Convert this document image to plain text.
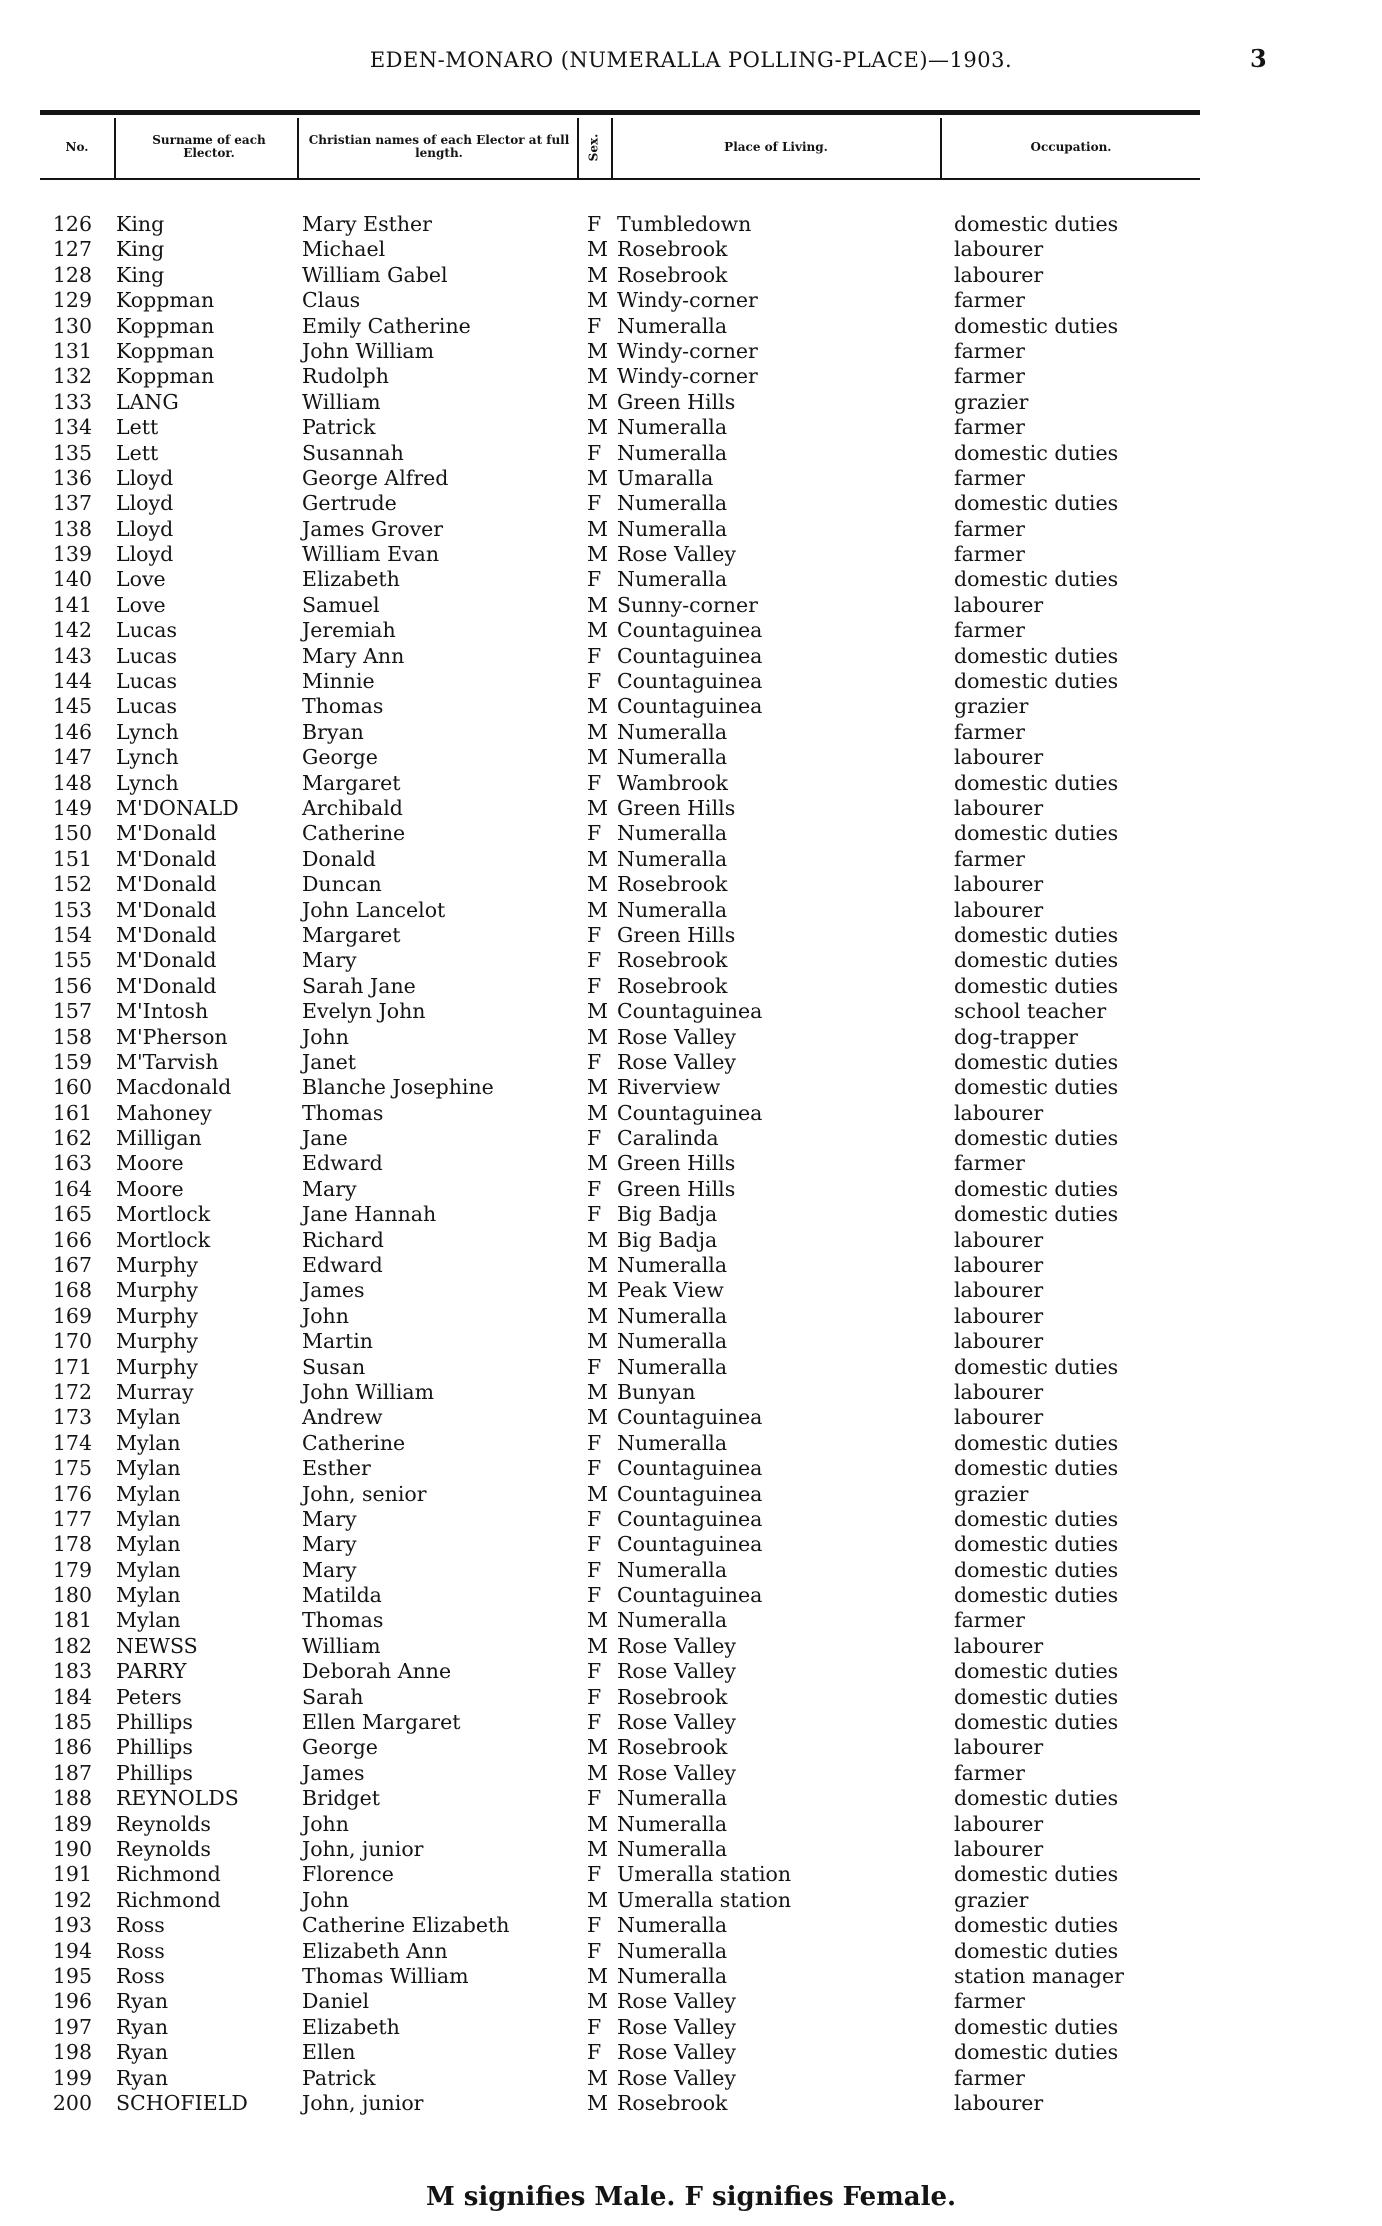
EDEN-MONARO (NUMERALLA POLLING-PLACE)—1903.	3
No.	Surname of each Elector.
Christian names of each Elector at full length.	Sex.	Place of Living.	Occupation.
126 King	Mary Esther	F Tumbledown	domestic duties
127 King	Michael	M Rosebrook	labourer
128 King	William Gabel	M Rosebrook	labourer
129 Koppman	Claus	M Windy-corner	farmer
130 Koppman	Emily Catherine	F Numeralla	domestic duties
131 Koppman	John William	M Windy-corner	farmer
132 Koppman	Rudolph	M Windy-corner	farmer
133 LANG	William	M Green Hills	grazier
134 Lett	Patrick	M Numeralla	farmer
135 Lett	Susannah	F Numeralla	domestic duties
136 Lloyd	George Alfred	M Umaralla	farmer
137 Lloyd	Gertrude	F Numeralla	domestic duties
138 Lloyd	James Grover	M Numeralla	farmer
139 Lloyd	William Evan	M Rose Valley	farmer
140 Love	Elizabeth	F Numeralla	domestic duties
141 Love	Samuel	M Sunny-corner	labourer
142 Lucas	Jeremiah	M Countaguinea	farmer
143 Lucas	Mary Ann	F Countaguinea	domestic duties
144 Lucas	Minnie	F Countaguinea	domestic duties
145 Lucas	Thomas	M Countaguinea	grazier
146 Lynch	Bryan	M Numeralla	farmer
147 Lynch	George	M Numeralla	labourer
148 Lynch	Margaret	F Wambrook	domestic duties
149 M'DONALD	Archibald	M Green Hills	labourer
150 M'Donald	Catherine	F Numeralla	domestic duties
151 M'Donald	Donald	M Numeralla	farmer
152 M'Donald	Duncan	M Rosebrook	labourer
153 M'Donald	John Lancelot	M Numeralla	labourer
154 M'Donald	Margaret	F Green Hills	domestic duties
155 M'Donald	Mary	F Rosebrook	domestic duties
156 M'Donald	Sarah Jane	F Rosebrook	domestic duties
157 M'Intosh	Evelyn John	M Countaguinea	school teacher
158 M'Pherson	John	M Rose Valley	dog-trapper
159 M'Tarvish	Janet	F Rose Valley	domestic duties
160 Macdonald	Blanche Josephine	M Riverview	domestic duties
161 Mahoney	Thomas	M Countaguinea	labourer
162 Milligan	Jane	F Caralinda	domestic duties
163 Moore	Edward	M Green Hills	farmer
164 Moore	Mary	F Green Hills	domestic duties
165 Mortlock	Jane Hannah	F Big Badja	domestic duties
166 Mortlock	Richard	M Big Badja	labourer
167 Murphy	Edward	M Numeralla	labourer
168 Murphy	James	M Peak View	labourer
169 Murphy	John	M Numeralla	labourer
170 Murphy	Martin	M Numeralla	labourer
171 Murphy	Susan	F Numeralla	domestic duties
172 Murray	John William	M Bunyan	labourer
173 Mylan	Andrew	M Countaguinea	labourer
174 Mylan	Catherine	F Numeralla	domestic duties
175 Mylan	Esther	F Countaguinea	domestic duties
176 Mylan	John, senior	M Countaguinea	grazier
177 Mylan	Mary	F Countaguinea	domestic duties
178 Mylan	Mary	F Countaguinea	domestic duties
179 Mylan	Mary	F Numeralla	domestic duties
180 Mylan	Matilda	F Countaguinea	domestic duties
181 Mylan	Thomas	M Numeralla	farmer
182 NEWSS	William	M Rose Valley	labourer
183 PARRY	Deborah Anne	F Rose Valley	domestic duties
184 Peters	Sarah	F Rosebrook	domestic duties
185 Phillips	Ellen Margaret	F Rose Valley	domestic duties
186 Phillips	George	M Rosebrook	labourer
187 Phillips	James	M Rose Valley	farmer
188 REYNOLDS	Bridget	F Numeralla	domestic duties
189 Reynolds	John	M Numeralla	labourer
190 Reynolds	John, junior	M Numeralla	labourer
191 Richmond	Florence	F Umeralla station	domestic duties
192 Richmond	John	M Umeralla station	grazier
193 Ross	Catherine Elizabeth	F Numeralla	domestic duties
194 Ross	Elizabeth Ann	F Numeralla	domestic duties
195 Ross	Thomas William	M Numeralla	station manager
196 Ryan	Daniel	M Rose Valley	farmer
197 Ryan	Elizabeth	F Rose Valley	domestic duties
198 Ryan	Ellen	F Rose Valley	domestic duties
199 Ryan	Patrick	M Rose Valley	farmer
200 SCHOFIELD	John, junior	M Rosebrook	labourer
M signifies Male. F signifies Female.
